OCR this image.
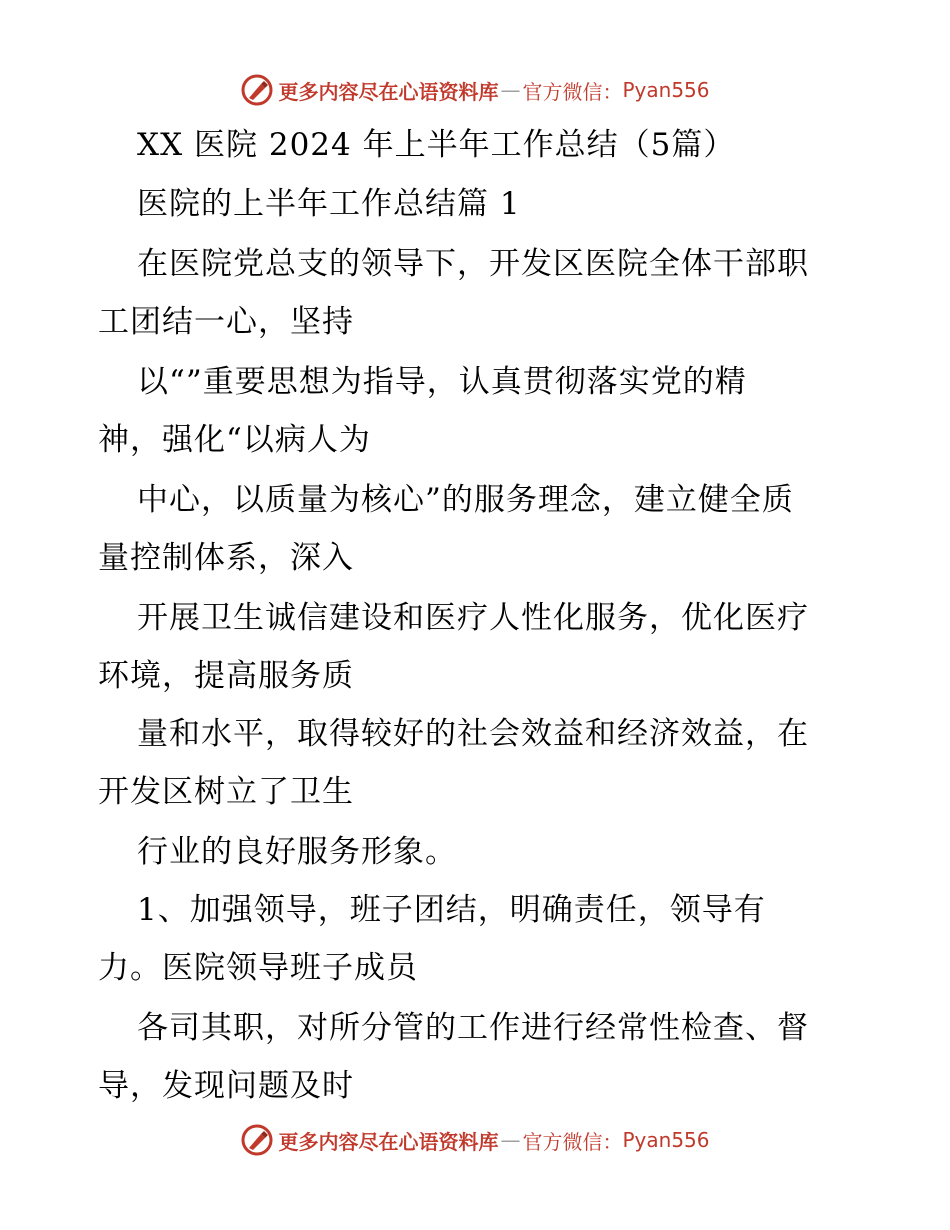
更多内容尽在心语资料库 — 官方微信： Pyan556
XX 医院 2024 年上半年工作总结（5篇）
医院的上半年工作总结篇 1
在医院党总支的领导下，开发区医院全体干部职
工团结一心，坚持
以“”重要思想为指导，认真贯彻落实党的精
神，强化“以病人为
中心，以质量为核心”的服务理念，建立健全质
量控制体系，深入
开展卫生诚信建设和医疗人性化服务，优化医疗
环境，提高服务质
量和水平，取得较好的社会效益和经济效益，在
开发区树立了卫生
行业的良好服务形象。
1、加强领导，班子团结，明确责任，领导有
力。医院领导班子成员
各司其职，对所分管的工作进行经常性检查、督
导，发现问题及时
更多内容尽在心语资料库 — 官方微信： Pyan556
